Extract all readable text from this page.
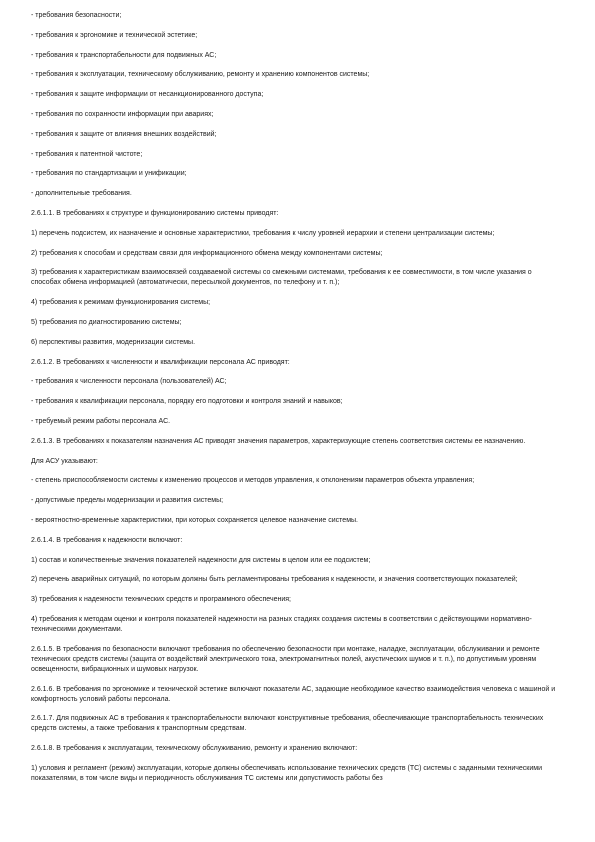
- требования безопасности;

- требования к эргономике и технической эстетике;

- требования к транспортабельности для подвижных АС;

- требования к эксплуатации, техническому обслуживанию, ремонту и хранению компонентов системы;

- требования к защите информации от несанкционированного доступа;

- требования по сохранности информации при авариях;

- требования к защите от влияния внешних воздействий;

- требования к патентной чистоте;

- требования по стандартизации и унификации;

- дополнительные требования.

2.6.1.1. В требованиях к структуре и функционированию системы приводят:

1) перечень подсистем, их назначение и основные характеристики, требования к числу уровней иерархии и степени централизации системы;

2) требования к способам и средствам связи для информационного обмена между компонентами системы;

3) требования к характеристикам взаимосвязей создаваемой системы со смежными системами, требования к ее совместимости, в том числе указания о способах обмена информацией (автоматически, пересылкой документов, по телефону и т. п.);

4) требования к режимам функционирования системы;

5) требования по диагностированию системы;

6) перспективы развития, модернизации системы.

2.6.1.2. В требованиях к численности и квалификации персонала АС приводят:

- требования к численности персонала (пользователей) АС;

- требования к квалификации персонала, порядку его подготовки и контроля знаний и навыков;

- требуемый режим работы персонала АС.

2.6.1.3. В требованиях к показателям назначения АС приводят значения параметров, характеризующие степень соответствия системы ее назначению.

Для АСУ указывают:

- степень приспособляемости системы к изменению процессов и методов управления, к отклонениям параметров объекта управления;

- допустимые пределы модернизации и развития системы;

- вероятностно-временные характеристики, при которых сохраняется целевое назначение системы.

2.6.1.4. В требования к надежности включают:

1) состав и количественные значения показателей надежности для системы в целом или ее подсистем;

2) перечень аварийных ситуаций, по которым должны быть регламентированы требования к надежности, и значения соответствующих показателей;

3) требования к надежности технических средств и программного обеспечения;

4) требования к методам оценки и контроля показателей надежности на разных стадиях создания системы в соответствии с действующими нормативно-техническими документами.

2.6.1.5. В требования по безопасности включают требования по обеспечению безопасности при монтаже, наладке, эксплуатации, обслуживании и ремонте технических средств системы (защита от воздействий электрического тока, электромагнитных полей, акустических шумов и т. п.), по допустимым уровням освещенности, вибрационных и шумовых нагрузок.

2.6.1.6. В требования по эргономике и технической эстетике включают показатели АС, задающие необходимое качество взаимодействия человека с машиной и комфортность условий работы персонала.

2.6.1.7. Для подвижных АС в требования к транспортабельности включают конструктивные требования, обеспечивающие транспортабельность технических средств системы, а также требования к транспортным средствам.

2.6.1.8. В требования к эксплуатации, техническому обслуживанию, ремонту и хранению включают:

1) условия и регламент (режим) эксплуатации, которые должны обеспечивать использование технических средств (ТС) системы с заданными техническими показателями, в том числе виды и периодичность обслуживания ТС системы или допустимость работы без
